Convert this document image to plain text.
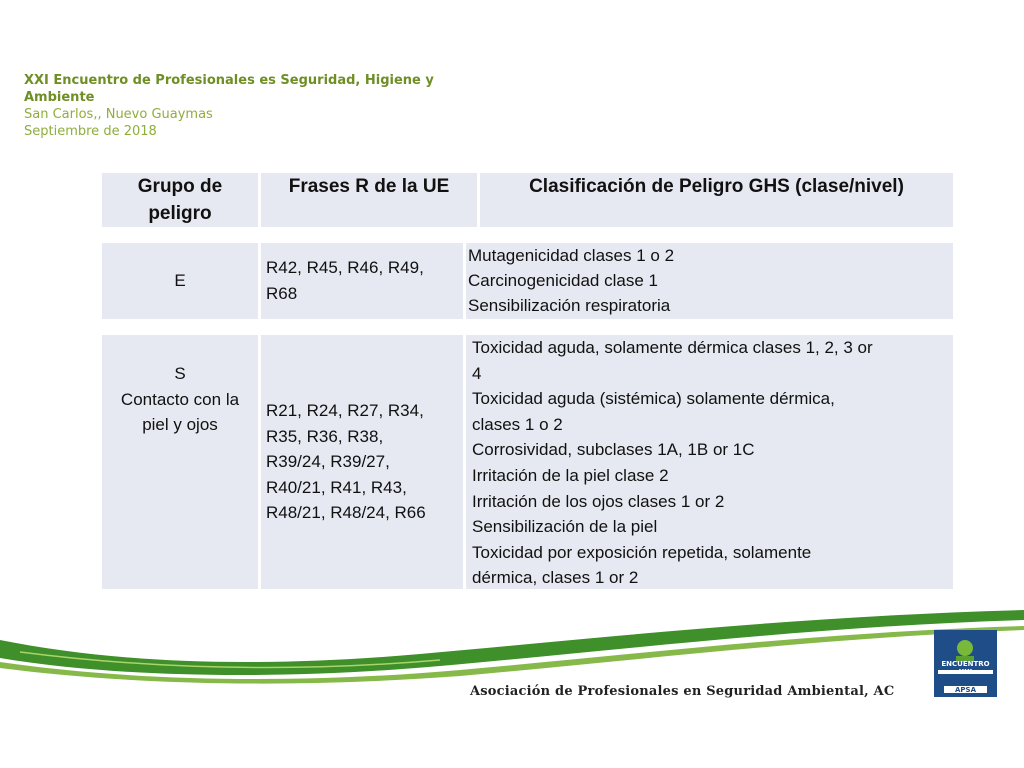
XXI Encuentro de Profesionales es Seguridad, Higiene y
Ambiente
San Carlos,, Nuevo Guaymas
Septiembre de 2018
Grupo de peligro
Frases R de la UE	Clasificación de Peligro GHS (clase/nivel)
E
R42, R45, R46, R49,
R68
Mutagenicidad clases 1 o 2
Carcinogenicidad clase 1
Sensibilización respiratoria
S
Contacto con la
piel y ojos
R21, R24, R27, R34,
R35, R36, R38,
R39/24, R39/27,
R40/21, R41, R43,
R48/21, R48/24, R66
Toxicidad aguda, solamente dérmica clases 1, 2, 3 or
4
Toxicidad aguda (sistémica) solamente dérmica,
clases 1 o 2
Corrosividad, subclases 1A, 1B or 1C
Irritación de la piel clase 2
Irritación de los ojos clases 1 or 2
Sensibilización de la piel
Toxicidad por exposición repetida, solamente
dérmica, clases 1 or 2
Asociación de Profesionales en Seguridad Ambiental, AC
ENCUENTRO XXI
APSA
